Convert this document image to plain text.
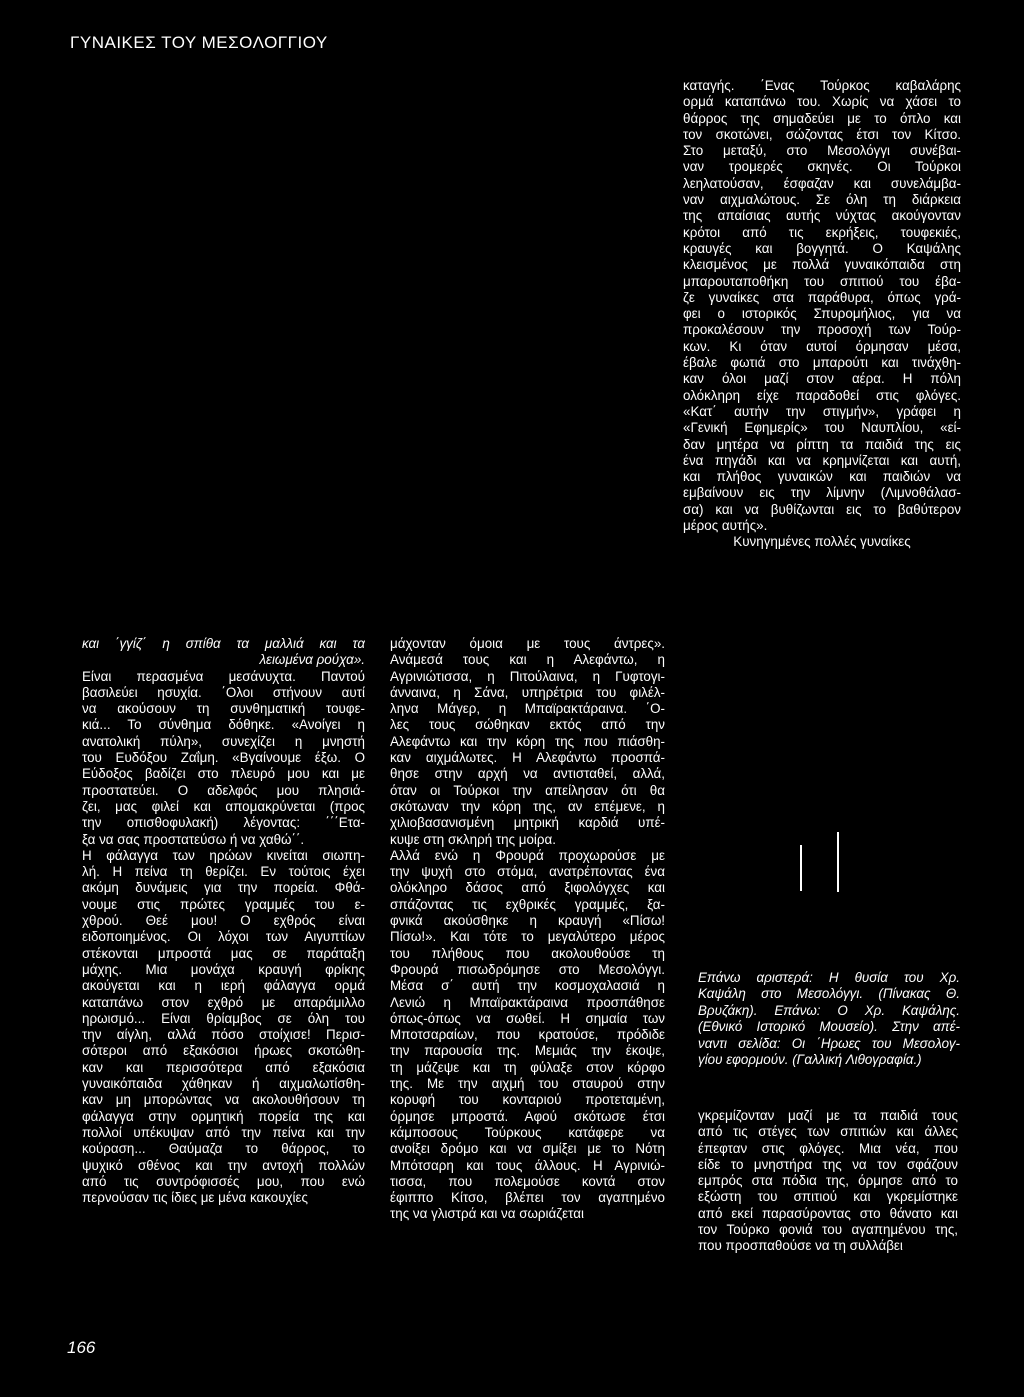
ΓΥΝΑΙΚΕΣ ΤΟΥ ΜΕΣΟΛΟΓΓΙΟΥ
και ΄γγίζ΄ η σπίθα τα μαλλιά και τα
λειωμένα ρούχα».
Είναι περασμένα μεσάνυχτα. Παντού
βασιλεύει ησυχία. ΄Ολοι στήνουν αυτί
να ακούσουν τη συνθηματική τουφε-
κιά... Το σύνθημα δόθηκε. «Ανοίγει η
ανατολική πύλη», συνεχίζει η μνηστή
του Ευδόξου Ζαΐμη. «Βγαίνουμε έξω. Ο
Εύδοξος βαδίζει στο πλευρό μου και με
προστατεύει. Ο αδελφός μου πλησιά-
ζει, μας φιλεί και απομακρύνεται (προς
την οπισθοφυλακή) λέγοντας: ΄΄΄Ετα-
ξα να σας προστατεύσω ή να χαθώ΄΄.
Η φάλαγγα των ηρώων κινείται σιωπη-
λή. Η πείνα τη θερίζει. Εν τούτοις έχει
ακόμη δυνάμεις για την πορεία. Φθά-
νουμε στις πρώτες γραμμές του ε-
χθρού. Θεέ μου! Ο εχθρός είναι
ειδοποιημένος. Οι λόχοι των Αιγυπτίων
στέκονται μπροστά μας σε παράταξη
μάχης. Μια μονάχα κραυγή φρίκης
ακούγεται και η ιερή φάλαγγα ορμά
καταπάνω στον εχθρό με απαράμιλλο
ηρωισμό... Είναι θρίαμβος σε όλη του
την αίγλη, αλλά πόσο στοίχισε! Περισ-
σότεροι από εξακόσιοι ήρωες σκοτώθη-
καν και περισσότερα από εξακόσια
γυναικόπαιδα χάθηκαν ή αιχμαλωτίσθη-
καν μη μπορώντας να ακολουθήσουν τη
φάλαγγα στην ορμητική πορεία της και
πολλοί υπέκυψαν από την πείνα και την
κούραση... Θαύμαζα το θάρρος, το
ψυχικό σθένος και την αντοχή πολλών
από τις συντρόφισσές μου, που ενώ
περνούσαν τις ίδιες με μένα κακουχίες
μάχονταν όμοια με τους άντρες».
Ανάμεσά τους και η Αλεφάντω, η
Αγρινιώτισσα, η Πιτούλαινα, η Γυφτογι-
άνναινα, η Σάνα, υπηρέτρια του φιλέλ-
ληνα Μάγερ, η Μπαϊρακτάραινα. ΄Ο-
λες τους σώθηκαν εκτός από την
Αλεφάντω και την κόρη της που πιάσθη-
καν αιχμάλωτες. Η Αλεφάντω προσπά-
θησε στην αρχή να αντισταθεί, αλλά,
όταν οι Τούρκοι την απείλησαν ότι θα
σκότωναν την κόρη της, αν επέμενε, η
χιλιοβασανισμένη μητρική καρδιά υπέ-
κυψε στη σκληρή της μοίρα.
Αλλά ενώ η Φρουρά προχωρούσε με
την ψυχή στο στόμα, ανατρέποντας ένα
ολόκληρο δάσος από ξιφολόγχες και
σπάζοντας τις εχθρικές γραμμές, ξα-
φνικά ακούσθηκε η κραυγή «Πίσω!
Πίσω!». Και τότε το μεγαλύτερο μέρος
του πλήθους που ακολουθούσε τη
Φρουρά πισωδρόμησε στο Μεσολόγγι.
Μέσα σ΄ αυτή την κοσμοχαλασιά η
Λενιώ η Μπαϊρακτάραινα προσπάθησε
όπως-όπως να σωθεί. Η σημαία των
Μποτσαραίων, που κρατούσε, πρόδιδε
την παρουσία της. Μεμιάς την έκοψε,
τη μάζεψε και τη φύλαξε στον κόρφο
της. Με την αιχμή του σταυρού στην
κορυφή του κονταριού προτεταμένη,
όρμησε μπροστά. Αφού σκότωσε έτσι
κάμποσους Τούρκους κατάφερε να
ανοίξει δρόμο και να σμίξει με το Νότη
Μπότσαρη και τους άλλους. Η Αγρινιώ-
τισσα, που πολεμούσε κοντά στον
έφιππο Κίτσο, βλέπει τον αγαπημένο
της να γλιστρά και να σωριάζεται
καταγής. ΄Ενας Τούρκος καβαλάρης
ορμά καταπάνω του. Χωρίς να χάσει το
θάρρος της σημαδεύει με το όπλο και
τον σκοτώνει, σώζοντας έτσι τον Κίτσο.
Στο μεταξύ, στο Μεσολόγγι συνέβαι-
ναν τρομερές σκηνές. Οι Τούρκοι
λεηλατούσαν, έσφαζαν και συνελάμβα-
ναν αιχμαλώτους. Σε όλη τη διάρκεια
της απαίσιας αυτής νύχτας ακούγονταν
κρότοι από τις εκρήξεις, τουφεκιές,
κραυγές και βογγητά. Ο Καψάλης
κλεισμένος με πολλά γυναικόπαιδα στη
μπαρουταποθήκη του σπιτιού του έβα-
ζε γυναίκες στα παράθυρα, όπως γρά-
φει ο ιστορικός Σπυρομήλιος, για να
προκαλέσουν την προσοχή των Τούρ-
κων. Κι όταν αυτοί όρμησαν μέσα,
έβαλε φωτιά στο μπαρούτι και τινάχθη-
καν όλοι μαζί στον αέρα. Η πόλη
ολόκληρη είχε παραδοθεί στις φλόγες.
«Κατ΄ αυτήν την στιγμήν», γράφει η
«Γενική Εφημερίς» του Ναυπλίου, «εί-
δαν μητέρα να ρίπτη τα παιδιά της εις
ένα πηγάδι και να κρημνίζεται και αυτή,
και πλήθος γυναικών και παιδιών να
εμβαίνουν εις την λίμνην (Λιμνοθάλασ-
σα) και να βυθίζωνται εις το βαθύτερον
μέρος αυτής».
Κυνηγημένες πολλές γυναίκες
Επάνω αριστερά: Η θυσία του Χρ.
Καψάλη στο Μεσολόγγι. (Πίνακας Θ.
Βρυζάκη). Επάνω: Ο Χρ. Καψάλης.
(Εθνικό Ιστορικό Μουσείο). Στην απέ-
ναντι σελίδα: Οι ΄Ηρωες του Μεσολογ-
γίου εφορμούν. (Γαλλική Λιθογραφία.)
γκρεμίζονταν μαζί με τα παιδιά τους
από τις στέγες των σπιτιών και άλλες
έπεφταν στις φλόγες. Μια νέα, που
είδε το μνηστήρα της να τον σφάζουν
εμπρός στα πόδια της, όρμησε από το
εξώστη του σπιτιού και γκρεμίστηκε
από εκεί παρασύροντας στο θάνατο και
τον Τούρκο φονιά του αγαπημένου της,
που προσπαθούσε να τη συλλάβει
166
